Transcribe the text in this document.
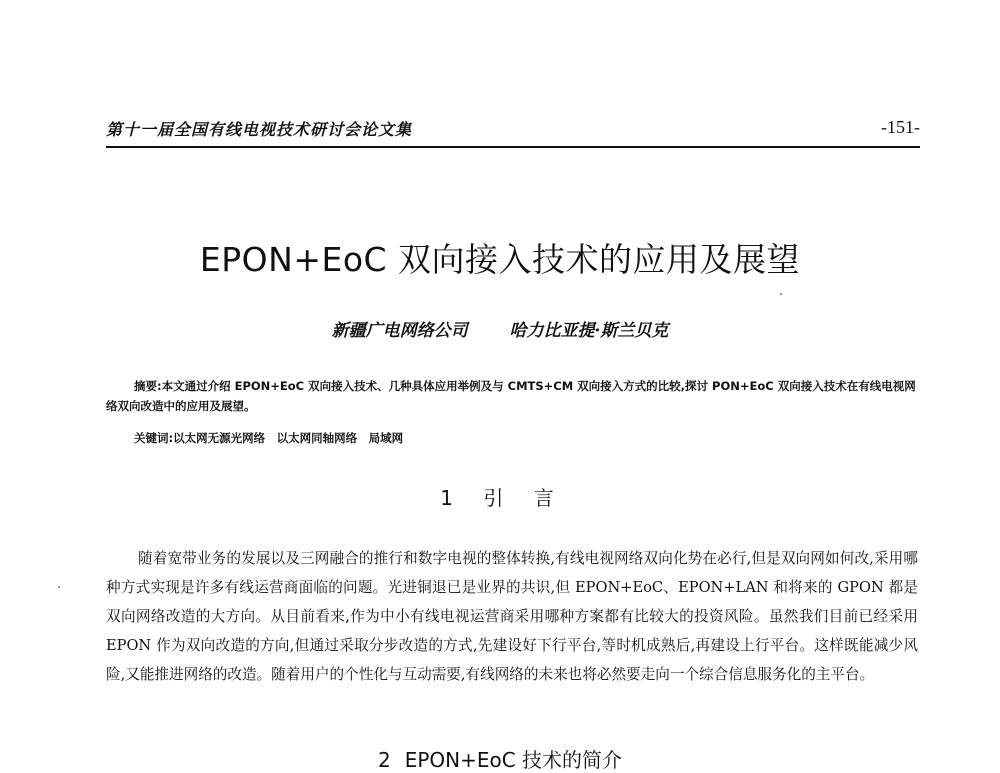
第十一届全国有线电视技术研讨会论文集	-151-
EPON+EoC 双向接入技术的应用及展望
新疆广电网络公司 哈力比亚提·斯兰贝克

摘要:本文通过介绍 EPON+EoC 双向接入技术、几种具体应用举例及与 CMTS+CM 双向接入方式的比较,探讨 PON+EoC 双向接入技术在有线电视网络双向改造中的应用及展望。

关键词:以太网无源光网络　以太网同轴网络　局域网
1 引 言

随着宽带业务的发展以及三网融合的推行和数字电视的整体转换,有线电视网络双向化势在必行,但是双向网如何改,采用哪种方式实现是许多有线运营商面临的问题。光进铜退已是业界的共识,但 EPON+EoC、EPON+LAN 和将来的 GPON 都是双向网络改造的大方向。从目前看来,作为中小有线电视运营商采用哪种方案都有比较大的投资风险。虽然我们目前已经采用 EPON 作为双向改造的方向,但通过采取分步改造的方式,先建设好下行平台,等时机成熟后,再建设上行平台。这样既能减少风险,又能推进网络的改造。随着用户的个性化与互动需要,有线网络的未来也将必然要走向一个综合信息服务化的主平台。

2 EPON+EoC 技术的简介
